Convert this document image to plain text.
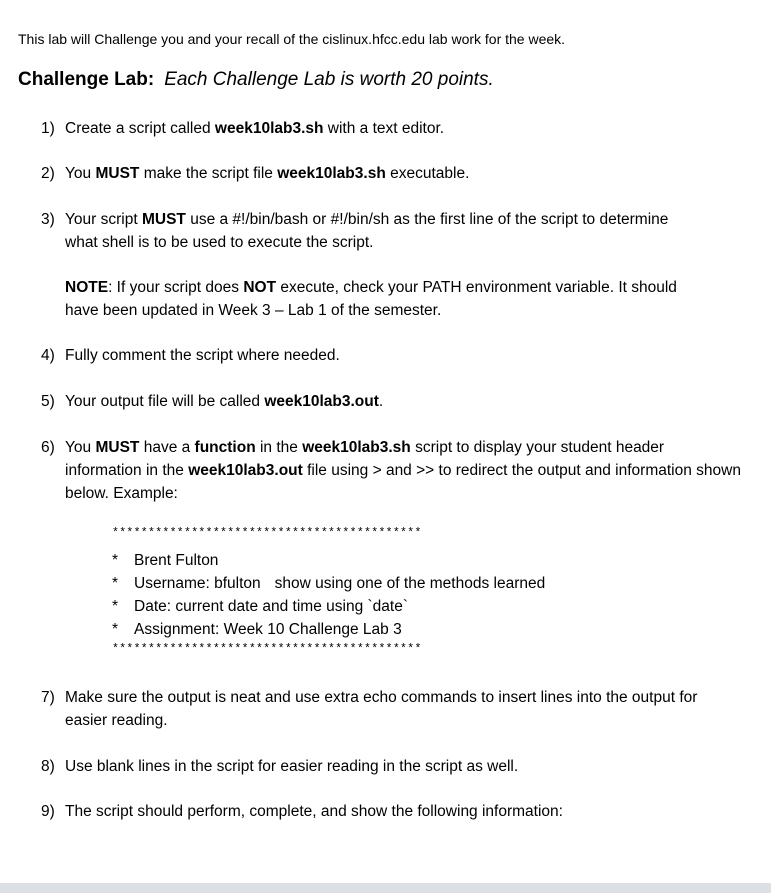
This lab will Challenge you and your recall of the cislinux.hfcc.edu lab work for the week.
Challenge Lab: Each Challenge Lab is worth 20 points.
1) Create a script called week10lab3.sh with a text editor.
2) You MUST make the script file week10lab3.sh executable.
3) Your script MUST use a #!/bin/bash or #!/bin/sh as the first line of the script to determine what shell is to be used to execute the script.
NOTE: If your script does NOT execute, check your PATH environment variable. It should have been updated in Week 3 – Lab 1 of the semester.
4) Fully comment the script where needed.
5) Your output file will be called week10lab3.out.
6) You MUST have a function in the week10lab3.sh script to display your student header information in the week10lab3.out file using > and >> to redirect the output and information shown below. Example:
*******************************************
* Brent Fulton
* Username: bfulton show using one of the methods learned
* Date: current date and time using `date`
* Assignment: Week 10 Challenge Lab 3
*******************************************
7) Make sure the output is neat and use extra echo commands to insert lines into the output for easier reading.
8) Use blank lines in the script for easier reading in the script as well.
9) The script should perform, complete, and show the following information:
